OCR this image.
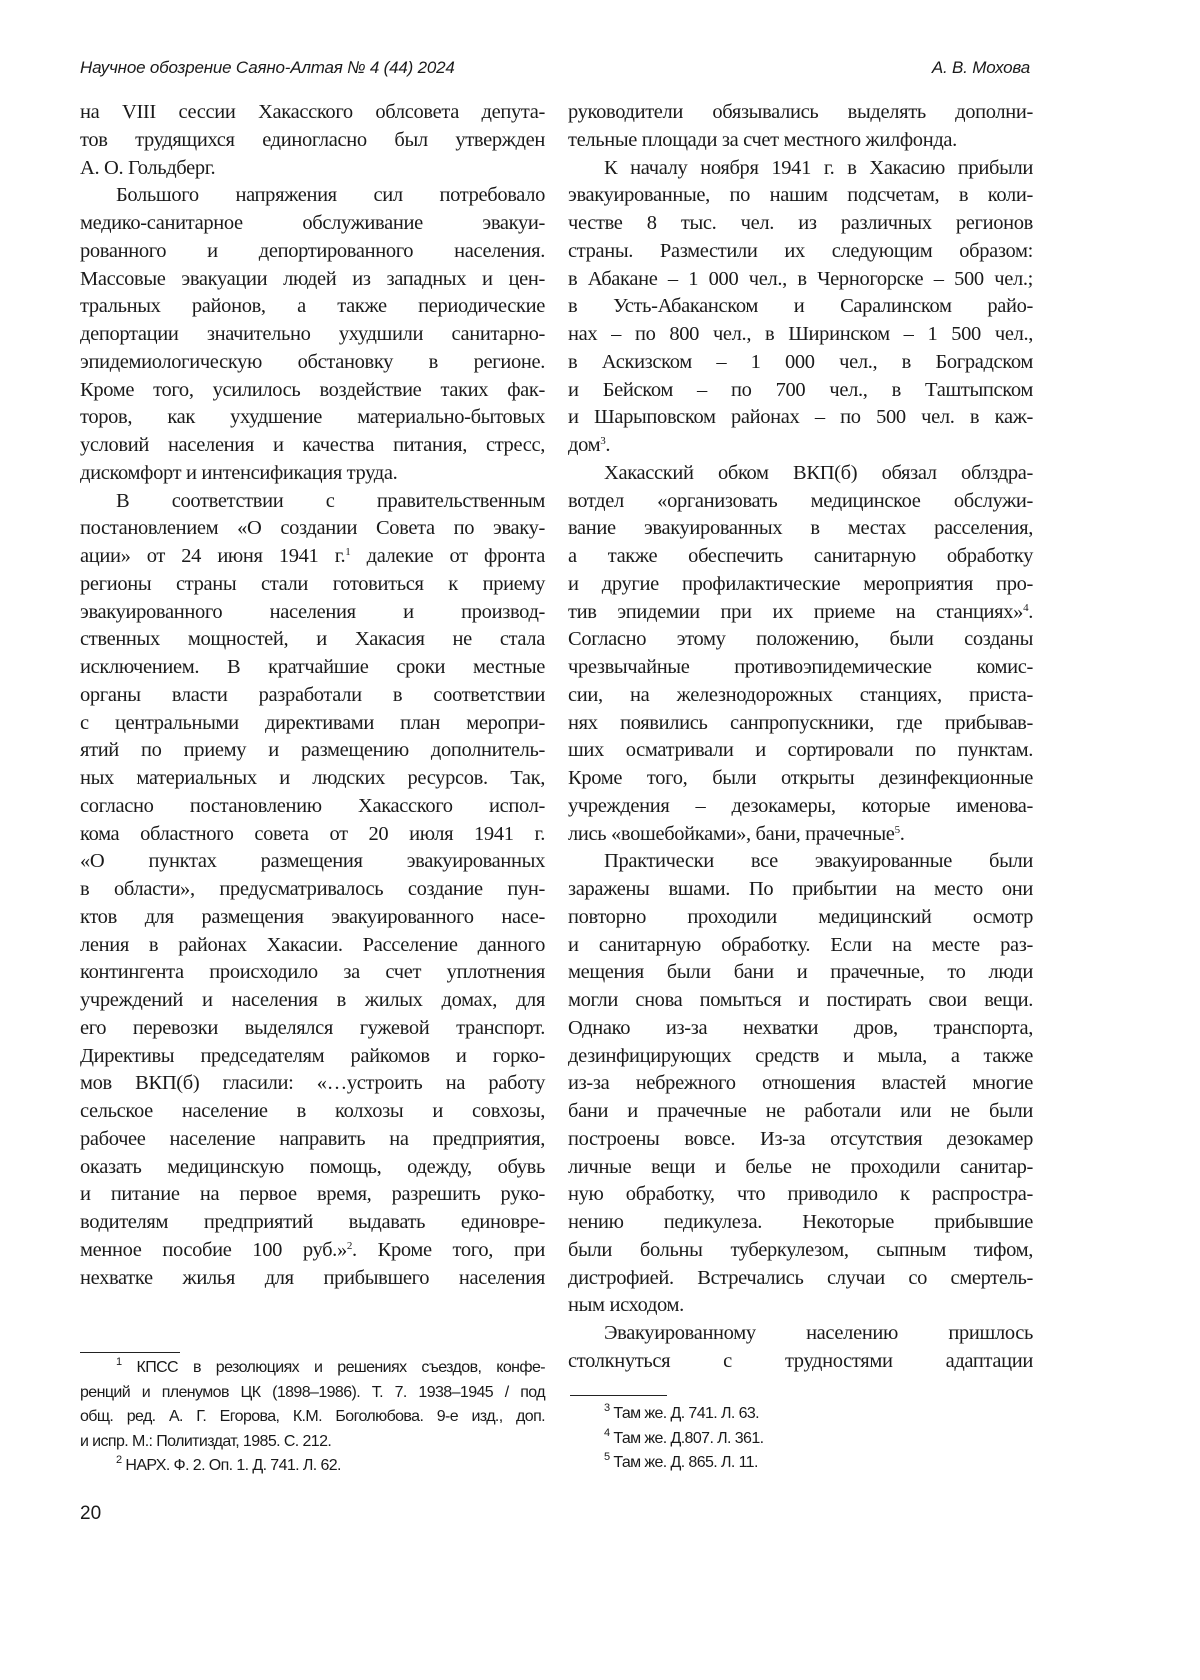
Научное обозрение Саяно-Алтая № 4 (44) 2024	А. В. Мохова
на VIII сессии Хакасского облсовета депута-
тов трудящихся единогласно был утвержден
А. О. Гольдберг.
Большого напряжения сил потребовало
медико-санитарное обслуживание эвакуи-
рованного и депортированного населения.
Массовые эвакуации людей из западных и цен-
тральных районов, а также периодические
депортации значительно ухудшили санитарно-
эпидемиологическую обстановку в регионе.
Кроме того, усилилось воздействие таких фак-
торов, как ухудшение материально-бытовых
условий населения и качества питания, стресс,
дискомфорт и интенсификация труда.
В соответствии с правительственным
постановлением «О создании Совета по эваку-
ации» от 24 июня 1941 г.1 далекие от фронта
регионы страны стали готовиться к приему
эвакуированного населения и производ-
ственных мощностей, и Хакасия не стала
исключением. В кратчайшие сроки местные
органы власти разработали в соответствии
с центральными директивами план меропри-
ятий по приему и размещению дополнитель-
ных материальных и людских ресурсов. Так,
согласно постановлению Хакасского испол-
кома областного совета от 20 июля 1941 г.
«О пунктах размещения эвакуированных
в области», предусматривалось создание пун-
ктов для размещения эвакуированного насе-
ления в районах Хакасии. Расселение данного
контингента происходило за счет уплотнения
учреждений и населения в жилых домах, для
его перевозки выделялся гужевой транспорт.
Директивы председателям райкомов и горко-
мов ВКП(б) гласили: «…устроить на работу
сельское население в колхозы и совхозы,
рабочее население направить на предприятия,
оказать медицинскую помощь, одежду, обувь
и питание на первое время, разрешить руко-
водителям предприятий выдавать единовре-
менное пособие 100 руб.»2. Кроме того, при
нехватке жилья для прибывшего населения
руководители обязывались выделять дополни-
тельные площади за счет местного жилфонда.
К началу ноября 1941 г. в Хакасию прибыли
эвакуированные, по нашим подсчетам, в коли-
честве 8 тыс. чел. из различных регионов
страны. Разместили их следующим образом:
в Абакане – 1 000 чел., в Черногорске – 500 чел.;
в Усть-Абаканском и Саралинском райо-
нах – по 800 чел., в Ширинском – 1 500 чел.,
в Аскизском – 1 000 чел., в Боградском
и Бейском – по 700 чел., в Таштыпском
и Шарыповском районах – по 500 чел. в каж-
дом3.
Хакасский обком ВКП(б) обязал облздра-
вотдел «организовать медицинское обслужи-
вание эвакуированных в местах расселения,
а также обеспечить санитарную обработку
и другие профилактические мероприятия про-
тив эпидемии при их приеме на станциях»4.
Согласно этому положению, были созданы
чрезвычайные противоэпидемические комис-
сии, на железнодорожных станциях, приста-
нях появились санпропускники, где прибывав-
ших осматривали и сортировали по пунктам.
Кроме того, были открыты дезинфекционные
учреждения – дезокамеры, которые именова-
лись «вошебойками», бани, прачечные5.
Практически все эвакуированные были
заражены вшами. По прибытии на место они
повторно проходили медицинский осмотр
и санитарную обработку. Если на месте раз-
мещения были бани и прачечные, то люди
могли снова помыться и постирать свои вещи.
Однако из-за нехватки дров, транспорта,
дезинфицирующих средств и мыла, а также
из-за небрежного отношения властей многие
бани и прачечные не работали или не были
построены вовсе. Из-за отсутствия дезокамер
личные вещи и белье не проходили санитар-
ную обработку, что приводило к распростра-
нению педикулеза. Некоторые прибывшие
были больны туберкулезом, сыпным тифом,
дистрофией. Встречались случаи со смертель-
ным исходом.
Эвакуированному населению пришлось
столкнуться с трудностями адаптации
1 КПСС в резолюциях и решениях съездов, конфе-
ренций и пленумов ЦК (1898–1986). Т. 7. 1938–1945 / под
общ. ред. А. Г. Егорова, К.М. Боголюбова. 9-е изд., доп.
и испр. М.: Политиздат, 1985. С. 212.
2 НАРХ. Ф. 2. Оп. 1. Д. 741. Л. 62.
3 Там же. Д. 741. Л. 63.
4 Там же. Д.807. Л. 361.
5 Там же. Д. 865. Л. 11.
20
